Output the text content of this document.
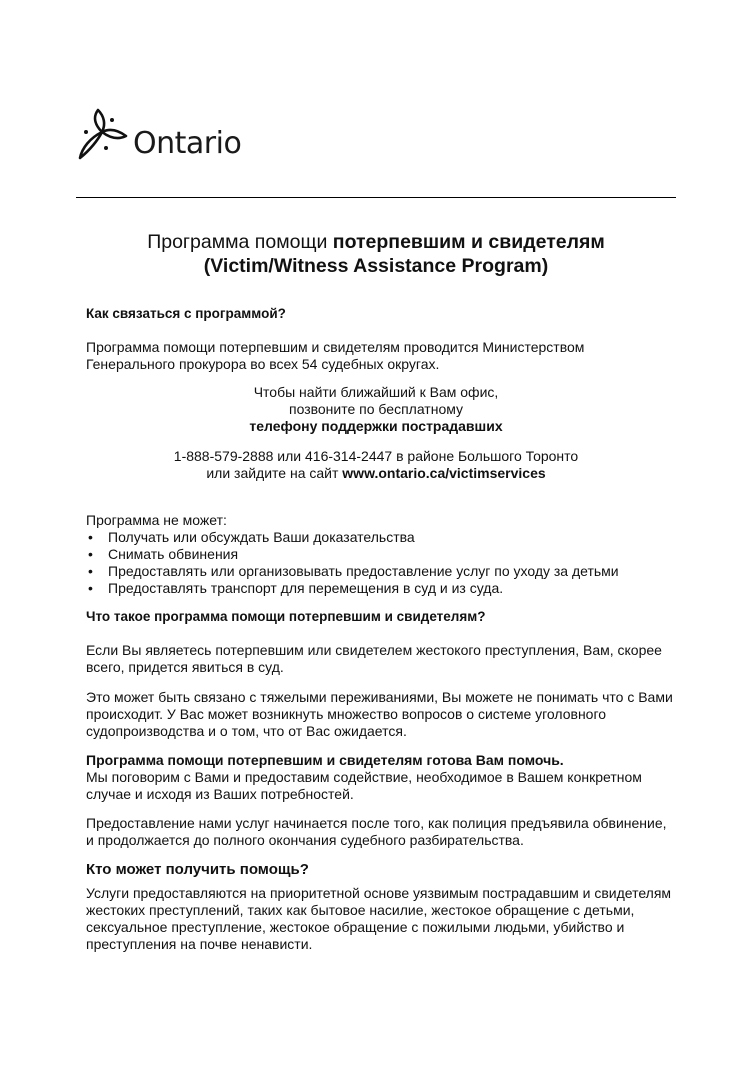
Ontario
Программа помощи потерпевшим и свидетелям
(Victim/Witness Assistance Program)
Как связаться с программой?
Программа помощи потерпевшим и свидетелям проводится Министерством Генерального прокурора во всех 54 судебных округах.
Чтобы найти ближайший к Вам офис,
позвоните по бесплатному
телефону поддержки пострадавших
1-888-579-2888 или 416-314-2447 в районе Большого Торонто
или зайдите на сайт www.ontario.ca/victimservices
Программа не может:
• Получать или обсуждать Ваши доказательства
• Снимать обвинения
• Предоставлять или организовывать предоставление услуг по уходу за детьми
• Предоставлять транспорт для перемещения в суд и из суда.
Что такое программа помощи потерпевшим и свидетелям?
Если Вы являетесь потерпевшим или свидетелем жестокого преступления, Вам, скорее всего, придется явиться в суд.
Это может быть связано с тяжелыми переживаниями, Вы можете не понимать что с Вами происходит. У Вас может возникнуть множество вопросов о системе уголовного судопроизводства и о том, что от Вас ожидается.
Программа помощи потерпевшим и свидетелям готова Вам помочь.
Мы поговорим с Вами и предоставим содействие, необходимое в Вашем конкретном случае и исходя из Ваших потребностей.
Предоставление нами услуг начинается после того, как полиция предъявила обвинение, и продолжается до полного окончания судебного разбирательства.
Кто может получить помощь?
Услуги предоставляются на приоритетной основе уязвимым пострадавшим и свидетелям жестоких преступлений, таких как бытовое насилие, жестокое обращение с детьми, сексуальное преступление, жестокое обращение с пожилыми людьми, убийство и преступления на почве ненависти.
